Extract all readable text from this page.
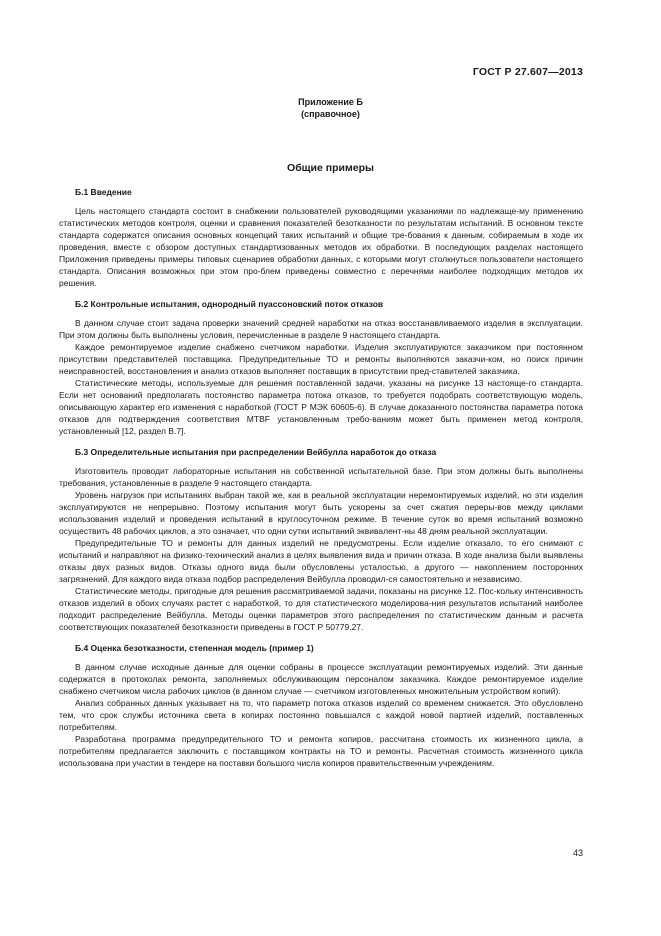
ГОСТ Р 27.607—2013
Приложение Б
(справочное)
Общие примеры
Б.1 Введение

Цель настоящего стандарта состоит в снабжении пользователей руководящими указаниями по надлежаще-му применению статистических методов контроля, оценки и сравнения показателей безотказности по результатам испытаний. В основном тексте стандарта содержатся описания основных концепций таких испытаний и общие тре-бования к данным, собираемым в ходе их проведения, вместе с обзором доступных стандартизованных методов их обработки. В последующих разделах настоящего Приложения приведены примеры типовых сценариев обработки данных, с которыми могут столкнуться пользователи настоящего стандарта. Описания возможных при этом про-блем приведены совместно с перечнями наиболее подходящих методов их решения.

Б.2 Контрольные испытания, однородный пуассоновский поток отказов

В данном случае стоит задача проверки значений средней наработки на отказ восстанавливаемого изделия в эксплуатации. При этом должны быть выполнены условия, перечисленные в разделе 9 настоящего стандарта.

Каждое ремонтируемое изделие снабжено счетчиком наработки. Изделия эксплуатируются заказчиком при постоянном присутствии представителей поставщика. Предупредительные ТО и ремонты выполняются заказчи-ком, но поиск причин неисправностей, восстановления и анализ отказов выполняет поставщик в присутствии пред-ставителей заказчика.

Статистические методы, используемые для решения поставленной задачи, указаны на рисунке 13 настояще-го стандарта. Если нет оснований предполагать постоянство параметра потока отказов, то требуется подобрать соответствующую модель, описывающую характер его изменения с наработкой (ГОСТ Р МЭК 60605-6). В случае доказанного постоянства параметра потока отказов для подтверждения соответствия MTBF установленным требо-ваниям может быть применен метод контроля, установленный [12, раздел В.7].

Б.3 Определительные испытания при распределении Вейбулла наработок до отказа

Изготовитель проводит лабораторные испытания на собственной испытательной базе. При этом должны быть выполнены требования, установленные в разделе 9 настоящего стандарта.

Уровень нагрузок при испытаниях выбран такой же, как в реальной эксплуатации неремонтируемых изделий, но эти изделия эксплуатируются не непрерывно. Поэтому испытания могут быть ускорены за счет сжатия переры-вов между циклами использования изделий и проведения испытаний в круглосуточном режиме. В течение суток во время испытаний возможно осуществить 48 рабочих циклов, а это означает, что одни сутки испытаний эквивалент-ны 48 дням реальной эксплуатации.

Предупредительные ТО и ремонты для данных изделий не предусмотрены. Если изделие отказало, то его снимают с испытаний и направляют на физико-технический анализ в целях выявления вида и причин отказа. В ходе анализа были выявлены отказы двух разных видов. Отказы одного вида были обусловлены усталостью, а другого — накоплением посторонних загрязнений. Для каждого вида отказа подбор распределения Вейбулла проводил-ся самостоятельно и независимо.

Статистические методы, пригодные для решения рассматриваемой задачи, показаны на рисунке 12. Пос-кольку интенсивность отказов изделий в обоих случаях растет с наработкой, то для статистического моделирова-ния результатов испытаний наиболее подходит распределение Вейбулла. Методы оценки параметров этого распределения по статистическим данным и расчета соответствующих показателей безотказности приведены в ГОСТ Р 50779.27.

Б.4 Оценка безотказности, степенная модель (пример 1)

В данном случае исходные данные для оценки собраны в процессе эксплуатации ремонтируемых изделий. Эти данные содержатся в протоколах ремонта, заполняемых обслуживающим персоналом заказчика. Каждое ремонтируемое изделие снабжено счетчиком числа рабочих циклов (в данном случае — счетчиком изготовленных множительным устройством копий).

Анализ собранных данных указывает на то, что параметр потока отказов изделий со временем снижается. Это обусловлено тем, что срок службы источника света в копирах постоянно повышался с каждой новой партией изделий, поставленных потребителям.

Разработана программа предупредительного ТО и ремонта копиров, рассчитана стоимость их жизненного цикла, а потребителям предлагается заключить с поставщиком контракты на ТО и ремонты. Расчетная стоимость жизненного цикла использована при участии в тендере на поставки большого числа копиров правительственным учреждениям.

43
